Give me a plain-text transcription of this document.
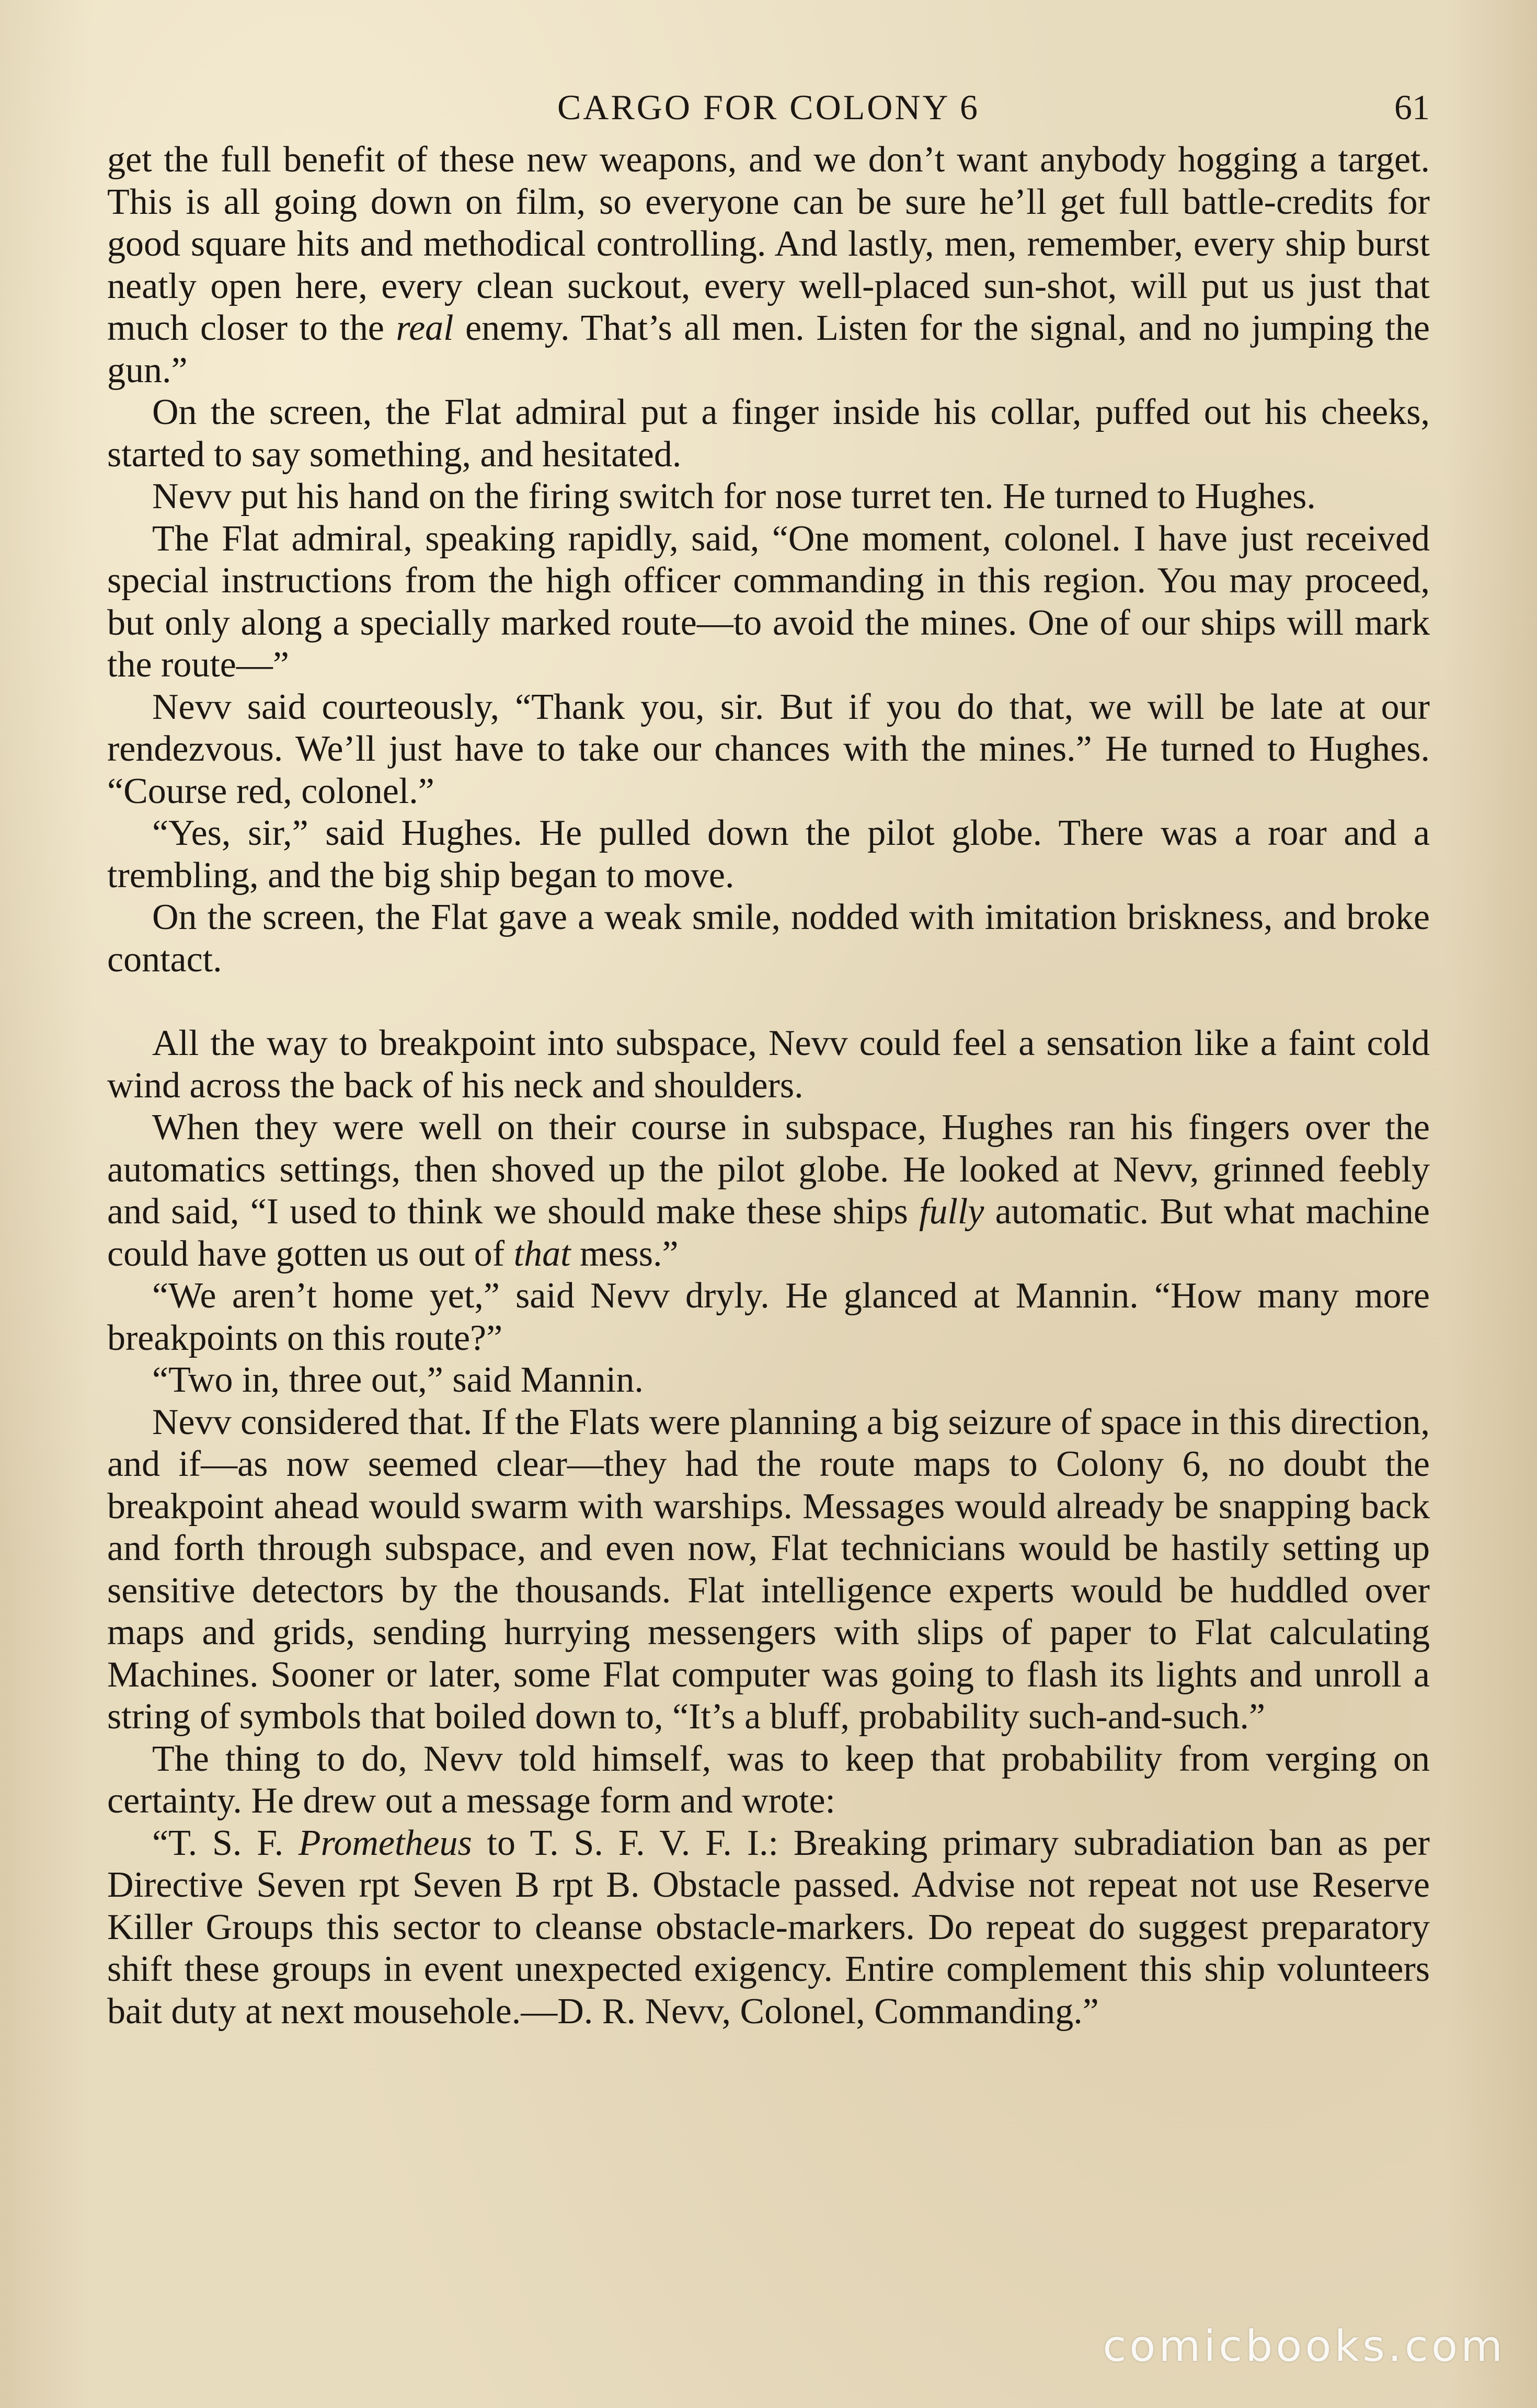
CARGO FOR COLONY 6	61

get the full benefit of these new weapons, and we don’t want anybody hogging a target. This is all going down on film, so everyone can be sure he’ll get full battle-credits for good square hits and methodical controlling. And lastly, men, remember, every ship burst neatly open here, every clean suckout, every well-placed sun-shot, will put us just that much closer to the real enemy. That’s all men. Listen for the signal, and no jumping the gun.”

On the screen, the Flat admiral put a finger inside his collar, puffed out his cheeks, started to say something, and hesitated.

Nevv put his hand on the firing switch for nose turret ten. He turned to Hughes.

The Flat admiral, speaking rapidly, said, “One moment, colonel. I have just received special instructions from the high officer commanding in this region. You may proceed, but only along a specially marked route—to avoid the mines. One of our ships will mark the route—”

Nevv said courteously, “Thank you, sir. But if you do that, we will be late at our rendezvous. We’ll just have to take our chances with the mines.” He turned to Hughes. “Course red, colonel.”

“Yes, sir,” said Hughes. He pulled down the pilot globe. There was a roar and a trembling, and the big ship began to move.

On the screen, the Flat gave a weak smile, nodded with imitation briskness, and broke contact.

All the way to breakpoint into subspace, Nevv could feel a sensation like a faint cold wind across the back of his neck and shoulders.

When they were well on their course in subspace, Hughes ran his fingers over the automatics settings, then shoved up the pilot globe. He looked at Nevv, grinned feebly and said, “I used to think we should make these ships fully automatic. But what machine could have gotten us out of that mess.”

“We aren’t home yet,” said Nevv dryly. He glanced at Mannin. “How many more breakpoints on this route?”

“Two in, three out,” said Mannin.

Nevv considered that. If the Flats were planning a big seizure of space in this direction, and if—as now seemed clear—they had the route maps to Colony 6, no doubt the breakpoint ahead would swarm with warships. Messages would already be snapping back and forth through subspace, and even now, Flat technicians would be hastily setting up sensitive detectors by the thousands. Flat intelligence experts would be huddled over maps and grids, sending hurrying messengers with slips of paper to Flat calculating Machines. Sooner or later, some Flat computer was going to flash its lights and unroll a string of symbols that boiled down to, “It’s a bluff, probability such-and-such.”

The thing to do, Nevv told himself, was to keep that probability from verging on certainty. He drew out a message form and wrote:

“T. S. F. Prometheus to T. S. F. V. F. I.: Breaking primary subradiation ban as per Directive Seven rpt Seven B rpt B. Obstacle passed. Advise not repeat not use Reserve Killer Groups this sector to cleanse obstacle-markers. Do repeat do suggest preparatory shift these groups in event unexpected exigency. Entire complement this ship volunteers bait duty at next mousehole.—D. R. Nevv, Colonel, Commanding.”

comicbooks.com
